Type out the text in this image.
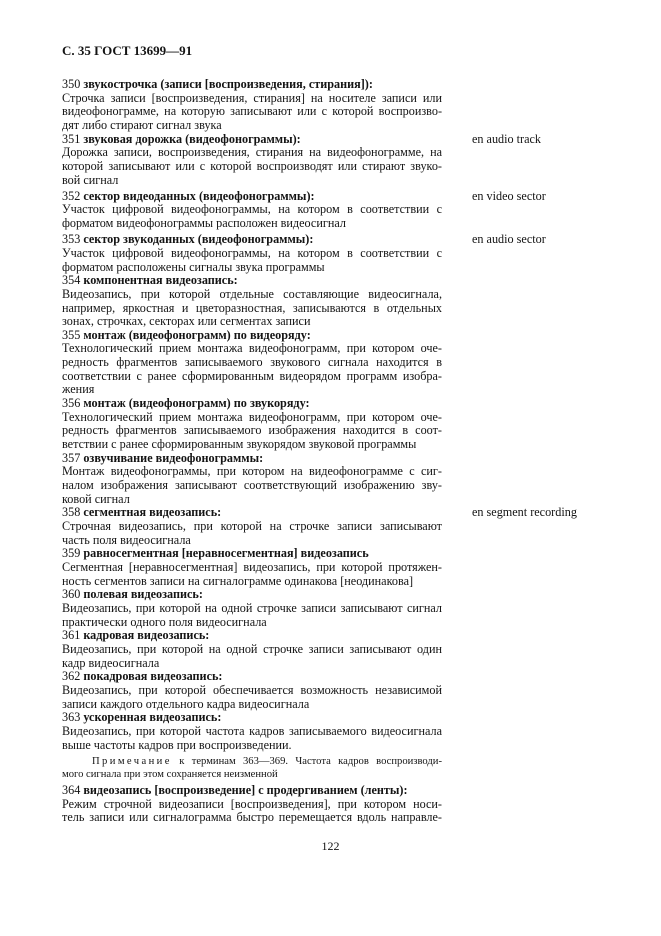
С. 35 ГОСТ 13699—91
350 звукострочка (записи [воспроизведения, стирания]):
Строчка записи [воспроизведения, стирания] на носителе записи или
видеофонограмме, на которую записывают или с которой воспроизво-
дят либо стирают сигнал звука
351 звуковая дорожка (видеофонограммы):	en audio track
Дорожка записи, воспроизведения, стирания на видеофонограмме, на
которой записывают или с которой воспроизводят или стирают звуко-
вой сигнал
352 сектор видеоданных (видеофонограммы):	en video sector
Участок цифровой видеофонограммы, на котором в соответствии с
форматом видеофонограммы расположен видеосигнал
353 сектор звукоданных (видеофонограммы):	en audio sector
Участок цифровой видеофонограммы, на котором в соответствии с
форматом расположены сигналы звука программы
354 компонентная видеозапись:
Видеозапись, при которой отдельные составляющие видеосигнала,
например, яркостная и цветоразностная, записываются в отдельных
зонах, строчках, секторах или сегментах записи
355 монтаж (видеофонограмм) по видеоряду:
Технологический прием монтажа видеофонограмм, при котором оче-
редность фрагментов записываемого звукового сигнала находится в
соответствии с ранее сформированным видеорядом программ изобра-
жения
356 монтаж (видеофонограмм) по звукоряду:
Технологический прием монтажа видеофонограмм, при котором оче-
редность фрагментов записываемого изображения находится в соот-
ветствии с ранее сформированным звукорядом звуковой программы
357 озвучивание видеофонограммы:
Монтаж видеофонограммы, при котором на видеофонограмме с сиг-
налом изображения записывают соответствующий изображению зву-
ковой сигнал
358 сегментная видеозапись:	en segment recording
Строчная видеозапись, при которой на строчке записи записывают
часть поля видеосигнала
359 равносегментная [неравносегментная] видеозапись
Сегментная [неравносегментная] видеозапись, при которой протяжен-
ность сегментов записи на сигналограмме одинакова [неодинакова]
360 полевая видеозапись:
Видеозапись, при которой на одной строчке записи записывают сигнал
практически одного поля видеосигнала
361 кадровая видеозапись:
Видеозапись, при которой на одной строчке записи записывают один
кадр видеосигнала
362 покадровая видеозапись:
Видеозапись, при которой обеспечивается возможность независимой
записи каждого отдельного кадра видеосигнала
363 ускоренная видеозапись:
Видеозапись, при которой частота кадров записываемого видеосигнала
выше частоты кадров при воспроизведении.
Примечание к терминам 363—369. Частота кадров воспроизводи-
мого сигнала при этом сохраняется неизменной
364 видеозапись [воспроизведение] с продергиванием (ленты):
Режим строчной видеозаписи [воспроизведения], при котором носи-
тель записи или сигналограмма быстро перемещается вдоль направле-
122
